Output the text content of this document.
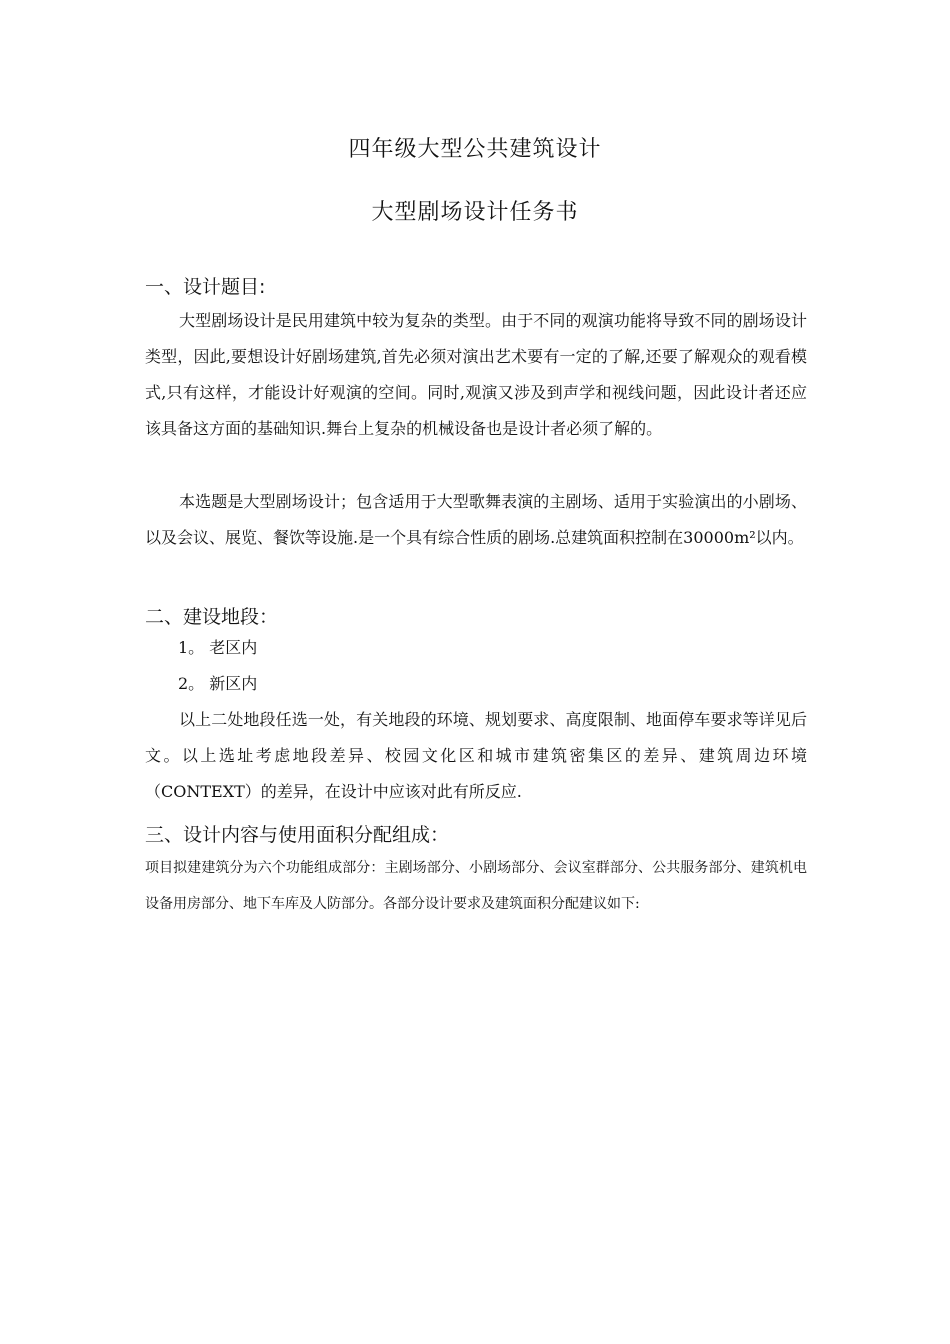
四年级大型公共建筑设计
大型剧场设计任务书
一、设计题目:
大型剧场设计是民用建筑中较为复杂的类型。由于不同的观演功能将导致不同的剧场设计类型，因此,要想设计好剧场建筑,首先必须对演出艺术要有一定的了解,还要了解观众的观看模式,只有这样，才能设计好观演的空间。同时,观演又涉及到声学和视线问题，因此设计者还应该具备这方面的基础知识.舞台上复杂的机械设备也是设计者必须了解的。
本选题是大型剧场设计；包含适用于大型歌舞表演的主剧场、适用于实验演出的小剧场、以及会议、展览、餐饮等设施.是一个具有综合性质的剧场.总建筑面积控制在30000m²以内。
二、建设地段：
1。 老区内
2。 新区内
以上二处地段任选一处，有关地段的环境、规划要求、高度限制、地面停车要求等详见后文。以上选址考虑地段差异、校园文化区和城市建筑密集区的差异、建筑周边环境（CONTEXT）的差异，在设计中应该对此有所反应.
三、设计内容与使用面积分配组成：
项目拟建建筑分为六个功能组成部分：主剧场部分、小剧场部分、会议室群部分、公共服务部分、建筑机电设备用房部分、地下车库及人防部分。各部分设计要求及建筑面积分配建议如下:
